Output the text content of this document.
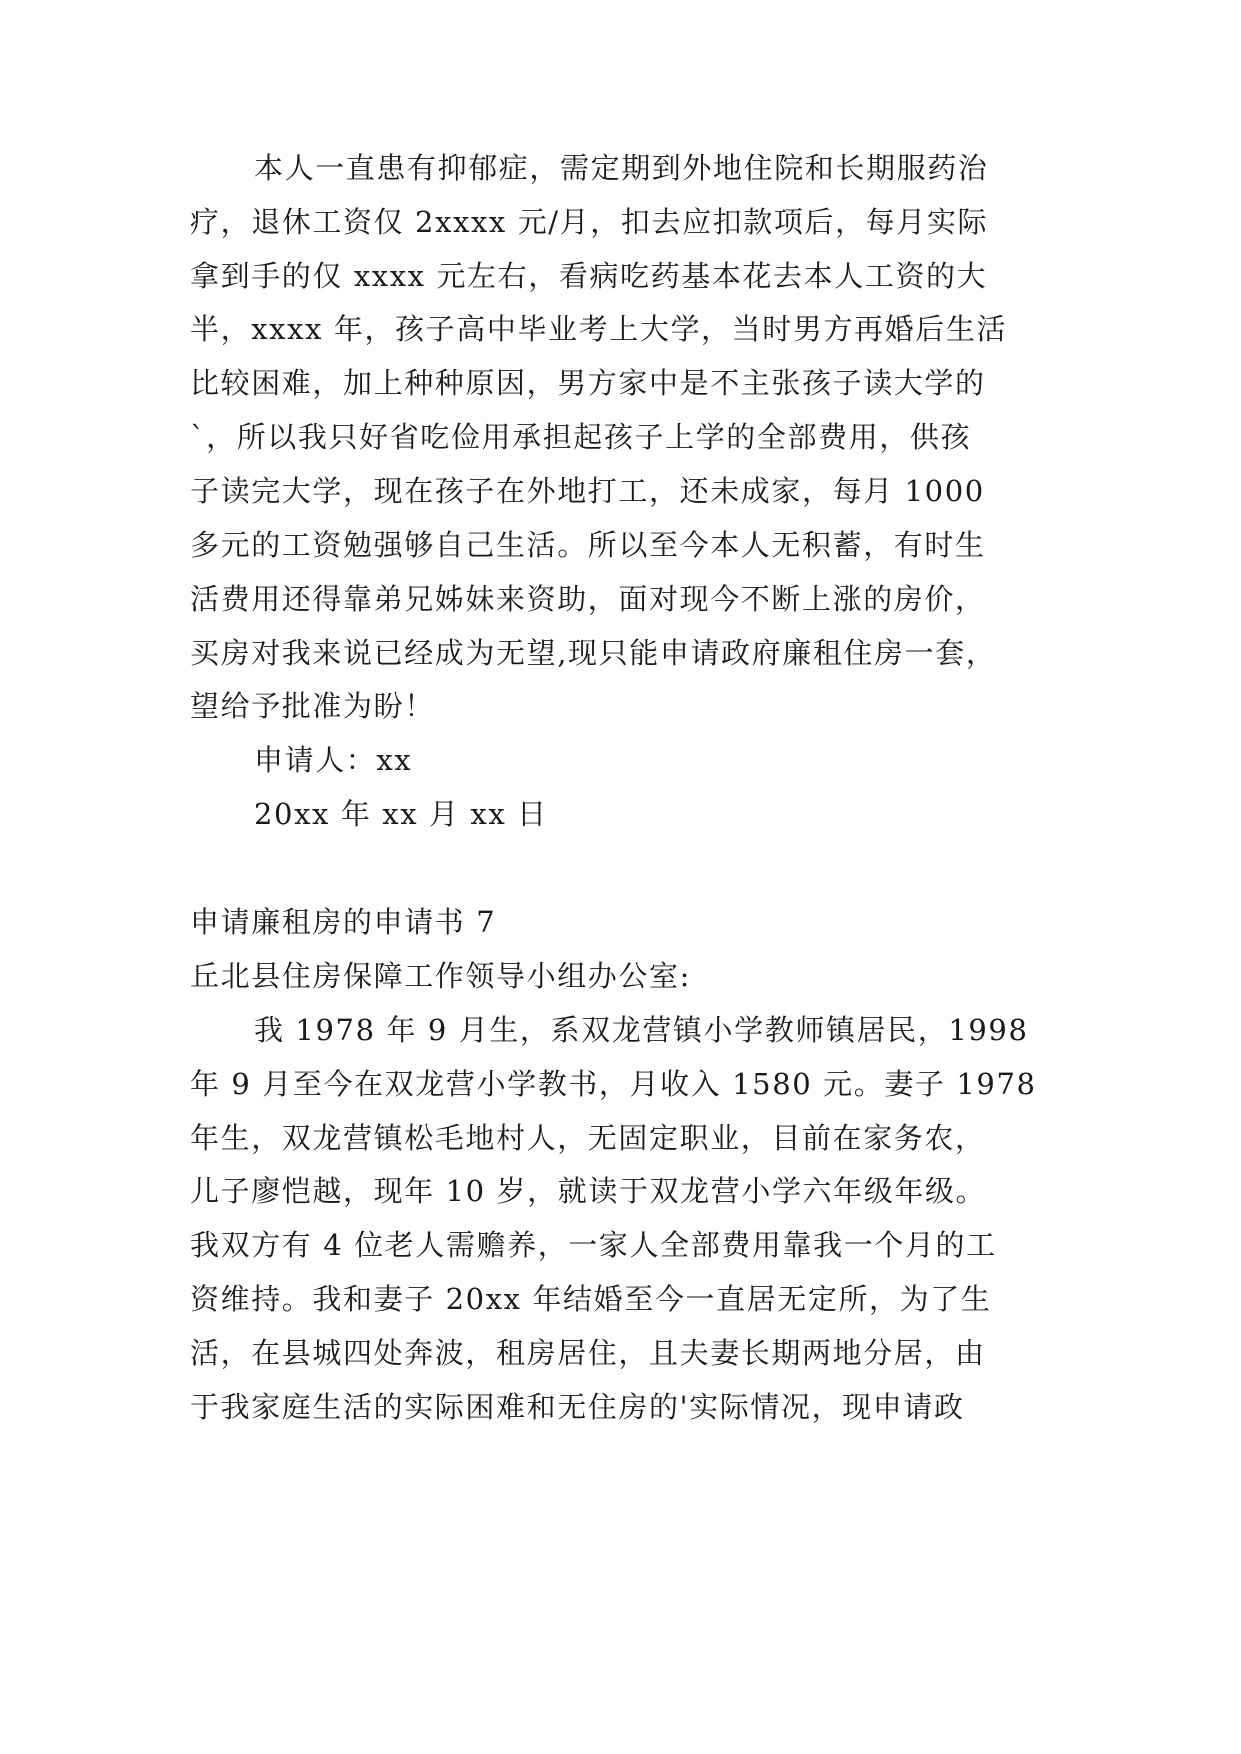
本人一直患有抑郁症，需定期到外地住院和长期服药治
疗，退休工资仅 2xxxx 元/月，扣去应扣款项后，每月实际
拿到手的仅 xxxx 元左右，看病吃药基本花去本人工资的大
半，xxxx 年，孩子高中毕业考上大学，当时男方再婚后生活
比较困难，加上种种原因，男方家中是不主张孩子读大学的
`，所以我只好省吃俭用承担起孩子上学的全部费用，供孩
子读完大学，现在孩子在外地打工，还未成家，每月 1000
多元的工资勉强够自己生活。所以至今本人无积蓄，有时生
活费用还得靠弟兄姊妹来资助，面对现今不断上涨的房价，
买房对我来说已经成为无望,现只能申请政府廉租住房一套，
望给予批准为盼！
申请人：xx
20xx 年 xx 月 xx 日
申请廉租房的申请书 7
丘北县住房保障工作领导小组办公室:
我 1978 年 9 月生，系双龙营镇小学教师镇居民，1998
年 9 月至今在双龙营小学教书，月收入 1580 元。妻子 1978
年生，双龙营镇松毛地村人，无固定职业，目前在家务农，
儿子廖恺越，现年 10 岁，就读于双龙营小学六年级年级。
我双方有 4 位老人需赡养，一家人全部费用靠我一个月的工
资维持。我和妻子 20xx 年结婚至今一直居无定所，为了生
活，在县城四处奔波，租房居住，且夫妻长期两地分居，由
于我家庭生活的实际困难和无住房的'实际情况，现申请政
